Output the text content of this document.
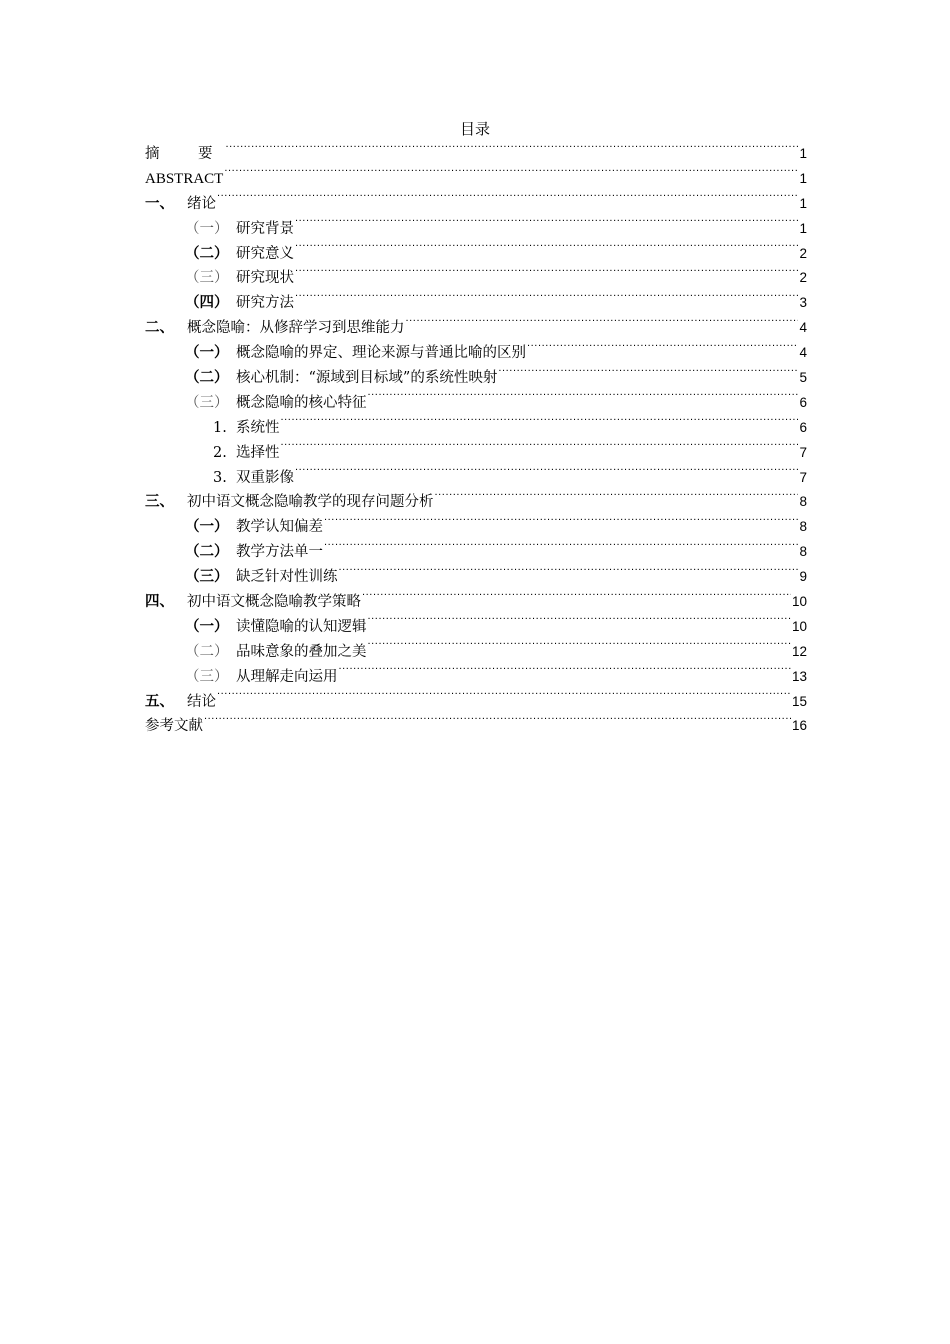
目录
摘　要 .....	1
ABSTRACT .....	1
一、 绪论 .....	1
（一） 研究背景 .....	1
（二） 研究意义 .....	2
（三） 研究现状 .....	2
（四） 研究方法 .....	3
二、 概念隐喻：从修辞学习到思维能力 .....	4
（一） 概念隐喻的界定、理论来源与普通比喻的区别 .....	4
（二） 核心机制：“源域到目标域”的系统性映射 .....	5
（三） 概念隐喻的核心特征 .....	6
1. 系统性 .....	6
2. 选择性 .....	7
3. 双重影像 .....	7
三、 初中语文概念隐喻教学的现存问题分析 .....	8
（一） 教学认知偏差 .....	8
（二） 教学方法单一 .....	8
（三） 缺乏针对性训练 .....	9
四、 初中语文概念隐喻教学策略 .....	10
（一） 读懂隐喻的认知逻辑 .....	10
（二） 品味意象的叠加之美 .....	12
（三） 从理解走向运用 .....	13
五、 结论 .....	15
参考文献 .....	16
